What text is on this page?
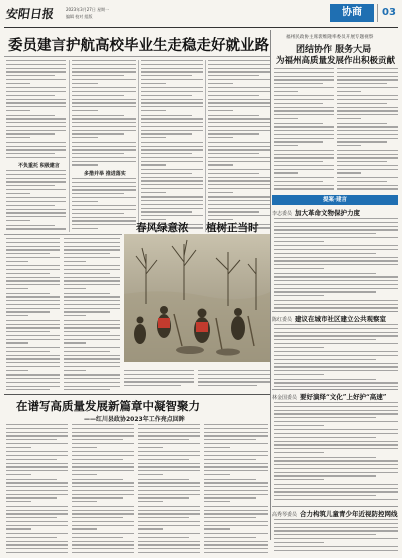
安阳日报	2023年3月27日 星期一
编辑 校对 组版	协商	03
委员建言护航高校毕业生走稳走好就业路
不负重托 积极建言
多措并举 推进落实
福州民政协主席裴维隆率委员开展专题视察
团结协作 服务大局
为福州高质量发展作出积极贡献
提案·建言
李志委员 加大革命文物保护力度
陈红委员 建议在城市社区建立公共观察室
林金国委员 要好演绎“文化”上好护“高速”
高秀琴委员 合力构筑儿童青少年近视防控网线
春风绿意浓 植树正当时
在谱写高质量发展新篇章中凝智聚力
——红川县政协2023年工作亮点回眸
